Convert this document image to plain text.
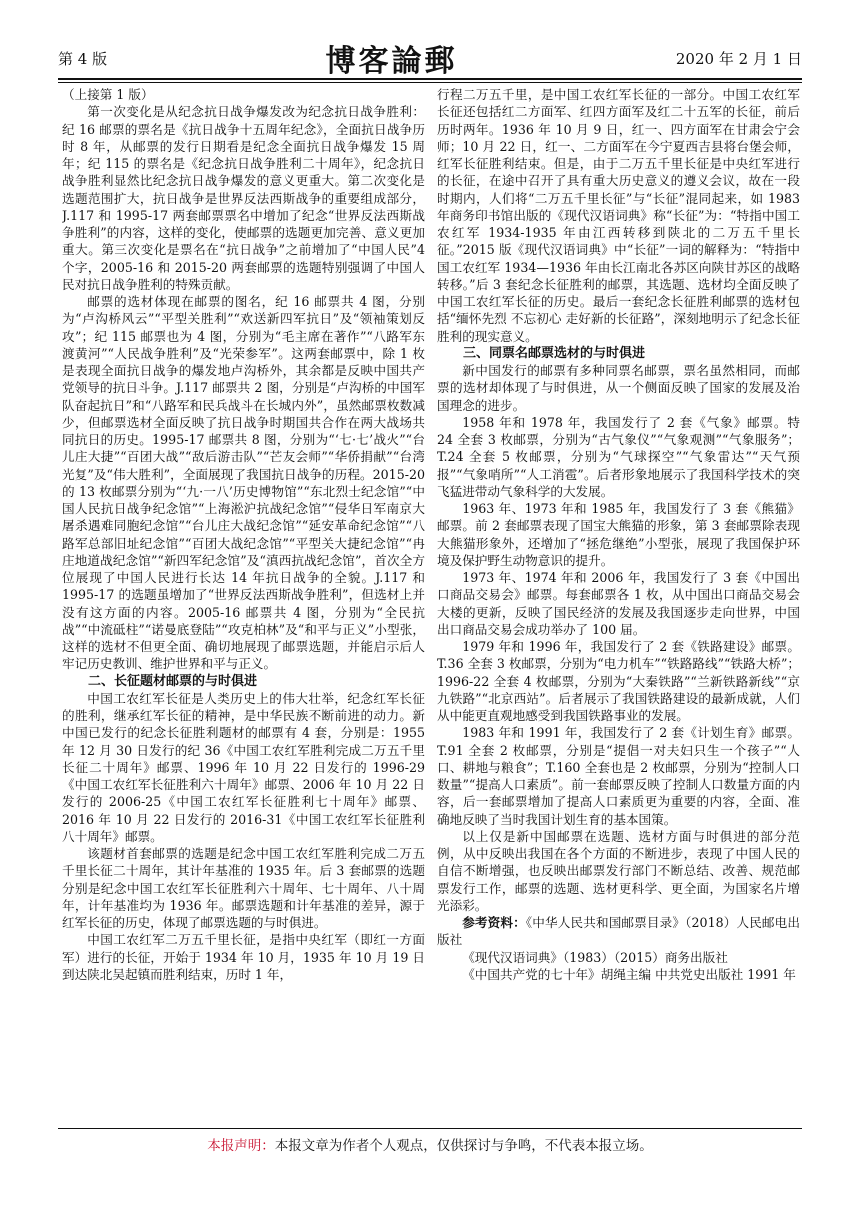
第 4 版	博客論郵	2020 年 2 月 1 日

（上接第 1 版）

第一次变化是从纪念抗日战争爆发改为纪念抗日战争胜利：纪 16 邮票的票名是《抗日战争十五周年纪念》，全面抗日战争历时 8 年，从邮票的发行日期看是纪念全面抗日战争爆发 15 周年；纪 115 的票名是《纪念抗日战争胜利二十周年》，纪念抗日战争胜利显然比纪念抗日战争爆发的意义更重大。第二次变化是选题范围扩大，抗日战争是世界反法西斯战争的重要组成部分，J.117 和 1995-17 两套邮票票名中增加了纪念“世界反法西斯战争胜利”的内容，这样的变化，使邮票的选题更加完善、意义更加重大。第三次变化是票名在“抗日战争”之前增加了“中国人民”4 个字，2005-16 和 2015-20 两套邮票的选题特别强调了中国人民对抗日战争胜利的特殊贡献。

邮票的选材体现在邮票的图名，纪 16 邮票共 4 图，分别为“卢沟桥风云”“平型关胜利”“欢送新四军抗日”及“领袖策划反攻”；纪 115 邮票也为 4 图，分别为“毛主席在著作”“八路军东渡黄河”“人民战争胜利”及“光荣参军”。这两套邮票中，除 1 枚是表现全面抗日战争的爆发地卢沟桥外，其余都是反映中国共产党领导的抗日斗争。J.117 邮票共 2 图，分别是“卢沟桥的中国军队奋起抗日”和“八路军和民兵战斗在长城内外”，虽然邮票枚数减少，但邮票选材全面反映了抗日战争时期国共合作在两大战场共同抗日的历史。1995-17 邮票共 8 图，分别为“‘七·七’战火”“台儿庄大捷”“百团大战”“敌后游击队”“芒友会师”“华侨捐献”“台湾光复”及“伟大胜利”，全面展现了我国抗日战争的历程。2015-20 的 13 枚邮票分别为“‘九·一八’历史博物馆”“东北烈士纪念馆”“中国人民抗日战争纪念馆”“上海淞沪抗战纪念馆”“侵华日军南京大屠杀遇难同胞纪念馆”“台儿庄大战纪念馆”“延安革命纪念馆”“八路军总部旧址纪念馆”“百团大战纪念馆”“平型关大捷纪念馆”“冉庄地道战纪念馆”“新四军纪念馆”及“滇西抗战纪念馆”，首次全方位展现了中国人民进行长达 14 年抗日战争的全貌。J.117 和 1995-17 的选题虽增加了“世界反法西斯战争胜利”，但选材上并没有这方面的内容。2005-16 邮票共 4 图，分别为“全民抗战”“中流砥柱”“诺曼底登陆”“攻克柏林”及“和平与正义”小型张，这样的选材不但更全面、确切地展现了邮票选题，并能启示后人牢记历史教训、维护世界和平与正义。

二、长征题材邮票的与时俱进

中国工农红军长征是人类历史上的伟大壮举，纪念红军长征的胜利，继承红军长征的精神，是中华民族不断前进的动力。新中国已发行的纪念长征胜利题材的邮票有 4 套，分别是：1955 年 12 月 30 日发行的纪 36《中国工农红军胜利完成二万五千里长征二十周年》邮票、1996 年 10 月 22 日发行的 1996-29《中国工农红军长征胜利六十周年》邮票、2006 年 10 月 22 日发行的 2006-25《中国工农红军长征胜利七十周年》邮票、2016 年 10 月 22 日发行的 2016-31《中国工农红军长征胜利八十周年》邮票。

该题材首套邮票的选题是纪念中国工农红军胜利完成二万五千里长征二十周年，其计年基准的 1935 年。后 3 套邮票的选题分别是纪念中国工农红军长征胜利六十周年、七十周年、八十周年，计年基准均为 1936 年。邮票选题和计年基准的差异，源于红军长征的历史，体现了邮票选题的与时俱进。

中国工农红军二万五千里长征，是指中央红军（即红一方面军）进行的长征，开始于 1934 年 10 月，1935 年 10 月 19 日到达陕北吴起镇而胜利结束，历时 1 年，

行程二万五千里，是中国工农红军长征的一部分。中国工农红军长征还包括红二方面军、红四方面军及红二十五军的长征，前后历时两年。1936 年 10 月 9 日，红一、四方面军在甘肃会宁会师；10 月 22 日，红一、二方面军在今宁夏西吉县将台堡会师，红军长征胜利结束。但是，由于二万五千里长征是中央红军进行的长征，在途中召开了具有重大历史意义的遵义会议，故在一段时期内，人们将“二万五千里长征”与“长征”混同起来，如 1983 年商务印书馆出版的《现代汉语词典》称“长征”为：“特指中国工农红军 1934-1935 年由江西转移到陕北的二万五千里长征。”2015 版《现代汉语词典》中“长征”一词的解释为：“特指中国工农红军 1934—1936 年由长江南北各苏区向陕甘苏区的战略转移。”后 3 套纪念长征胜利的邮票，其选题、选材均全面反映了中国工农红军长征的历史。最后一套纪念长征胜利邮票的选材包括“缅怀先烈 不忘初心 走好新的长征路”，深刻地明示了纪念长征胜利的现实意义。

三、同票名邮票选材的与时俱进

新中国发行的邮票有多种同票名邮票，票名虽然相同，而邮票的选材却体现了与时俱进，从一个侧面反映了国家的发展及治国理念的进步。

1958 年和 1978 年，我国发行了 2 套《气象》邮票。特 24 全套 3 枚邮票，分别为“古气象仪”“气象观测”“气象服务”；T.24 全套 5 枚邮票，分别为“气球探空”“气象雷达”“天气预报”“气象哨所”“人工消雹”。后者形象地展示了我国科学技术的突飞猛进带动气象科学的大发展。

1963 年、1973 年和 1985 年，我国发行了 3 套《熊猫》邮票。前 2 套邮票表现了国宝大熊猫的形象，第 3 套邮票除表现大熊猫形象外，还增加了“拯危继绝”小型张，展现了我国保护环境及保护野生动物意识的提升。

1973 年、1974 年和 2006 年，我国发行了 3 套《中国出口商品交易会》邮票。每套邮票各 1 枚，从中国出口商品交易会大楼的更新，反映了国民经济的发展及我国逐步走向世界，中国出口商品交易会成功举办了 100 届。

1979 年和 1996 年，我国发行了 2 套《铁路建设》邮票。T.36 全套 3 枚邮票，分别为“电力机车”“铁路路线”“铁路大桥”；1996-22 全套 4 枚邮票，分别为“大秦铁路”“兰新铁路新线”“京九铁路”“北京西站”。后者展示了我国铁路建设的最新成就，人们从中能更直观地感受到我国铁路事业的发展。

1983 年和 1991 年，我国发行了 2 套《计划生育》邮票。T.91 全套 2 枚邮票，分别是“提倡一对夫妇只生一个孩子”“人口、耕地与粮食”；T.160 全套也是 2 枚邮票，分别为“控制人口数量”“提高人口素质”。前一套邮票反映了控制人口数量方面的内容，后一套邮票增加了提高人口素质更为重要的内容，全面、准确地反映了当时我国计划生育的基本国策。

以上仅是新中国邮票在选题、选材方面与时俱进的部分范例，从中反映出我国在各个方面的不断进步，表现了中国人民的自信不断增强，也反映出邮票发行部门不断总结、改善、规范邮票发行工作，邮票的选题、选材更科学、更全面，为国家名片增光添彩。

参考资料：《中华人民共和国邮票目录》（2018）人民邮电出版社

《现代汉语词典》（1983）（2015）商务出版社

《中国共产党的七十年》胡绳主编 中共党史出版社 1991 年

本报声明：本报文章为作者个人观点，仅供探讨与争鸣，不代表本报立场。
